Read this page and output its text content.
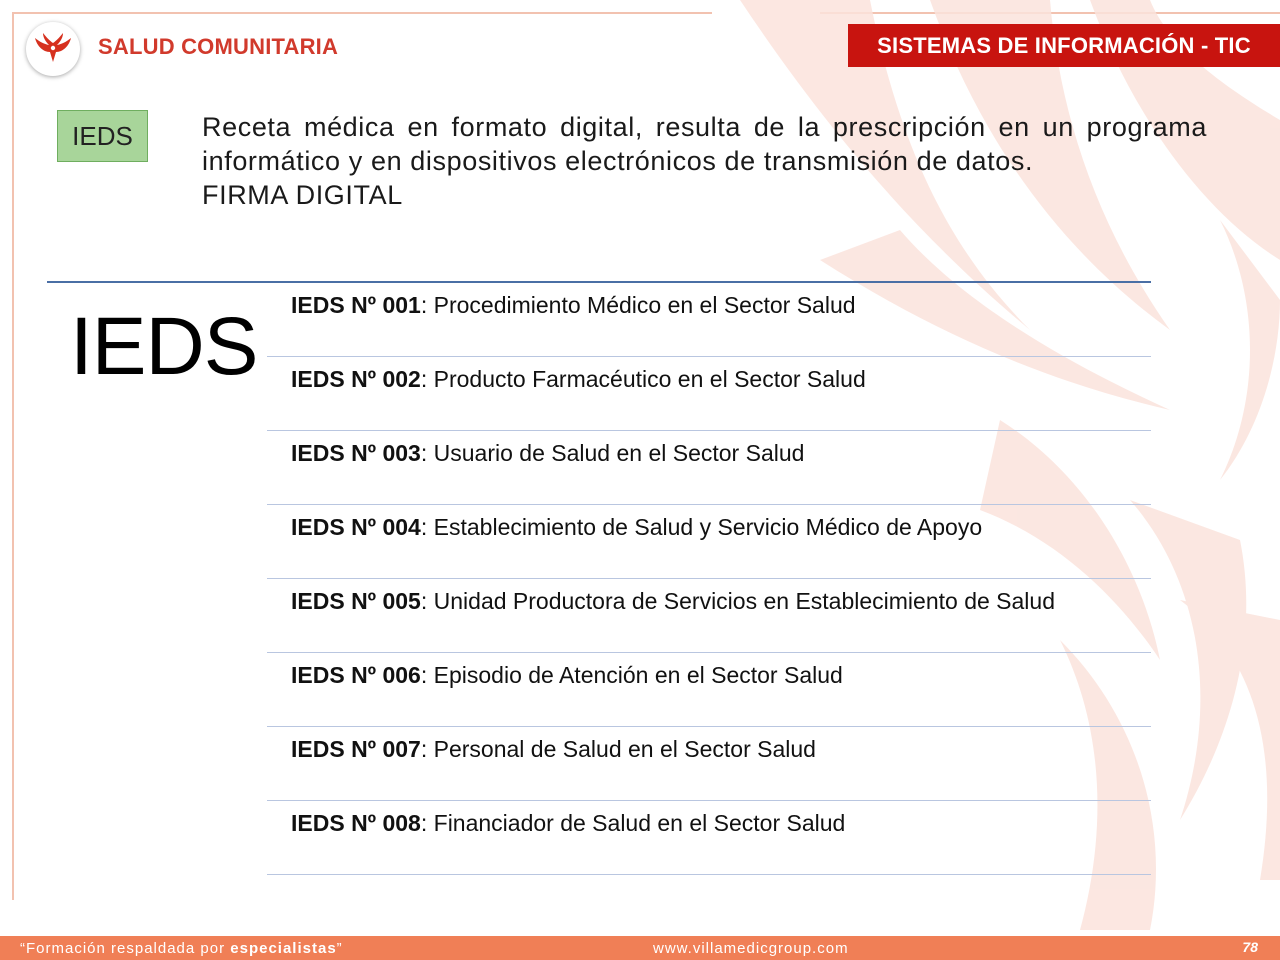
SALUD COMUNITARIA	SISTEMAS DE INFORMACIÓN - TIC
IEDS	Receta médica en formato digital, resulta de la prescripción en un programa informático y en dispositivos electrónicos de transmisión de datos.
FIRMA DIGITAL
IEDS	IEDS Nº 001: Procedimiento Médico en el Sector Salud
IEDS Nº 002: Producto Farmacéutico en el Sector Salud
IEDS Nº 003: Usuario de Salud en el Sector Salud
IEDS Nº 004: Establecimiento de Salud y Servicio Médico de Apoyo
IEDS Nº 005: Unidad Productora de Servicios en Establecimiento de Salud
IEDS Nº 006: Episodio de Atención en el Sector Salud
IEDS Nº 007: Personal de Salud en el Sector Salud
IEDS Nº 008: Financiador de Salud en el Sector Salud
“Formación respaldada por especialistas”	www.villamedicgroup.com	78
